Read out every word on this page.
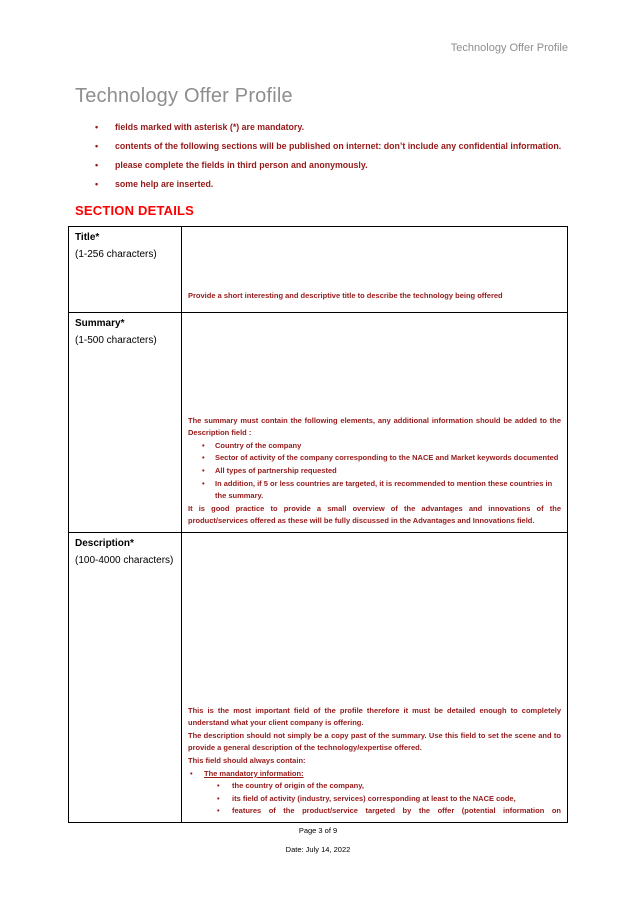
Technology Offer Profile
Technology Offer Profile
• fields marked with asterisk (*) are mandatory.
• contents of the following sections will be published on internet: don’t include any confidential information.
• please complete the fields in third person and anonymously.
• some help are inserted.
SECTION DETAILS
Title*
(1-256 characters)

Provide a short interesting and descriptive title to describe the technology being offered

Summary*
(1-500 characters)

The summary must contain the following elements, any additional information should be added to the Description field :

• Country of the company
• Sector of activity of the company corresponding to the NACE and Market keywords documented
• All types of partnership requested
• In addition, if 5 or less countries are targeted, it is recommended to mention these countries in the summary.

It is good practice to provide a small overview of the advantages and innovations of the product/services offered as these will be fully discussed in the Advantages and Innovations field.

Description*
(100-4000 characters)

This is the most important field of the profile therefore it must be detailed enough to completely understand what your client company is offering.

The description should not simply be a copy past of the summary. Use this field to set the scene and to provide a general description of the technology/expertise offered.

This field should always contain:

• The mandatory information:
• the country of origin of the company,
• its field of activity (industry, services) corresponding at least to the NACE code,
• features of the product/service targeted by the offer (potential information on
Page 3 of 9
Date: July 14, 2022
